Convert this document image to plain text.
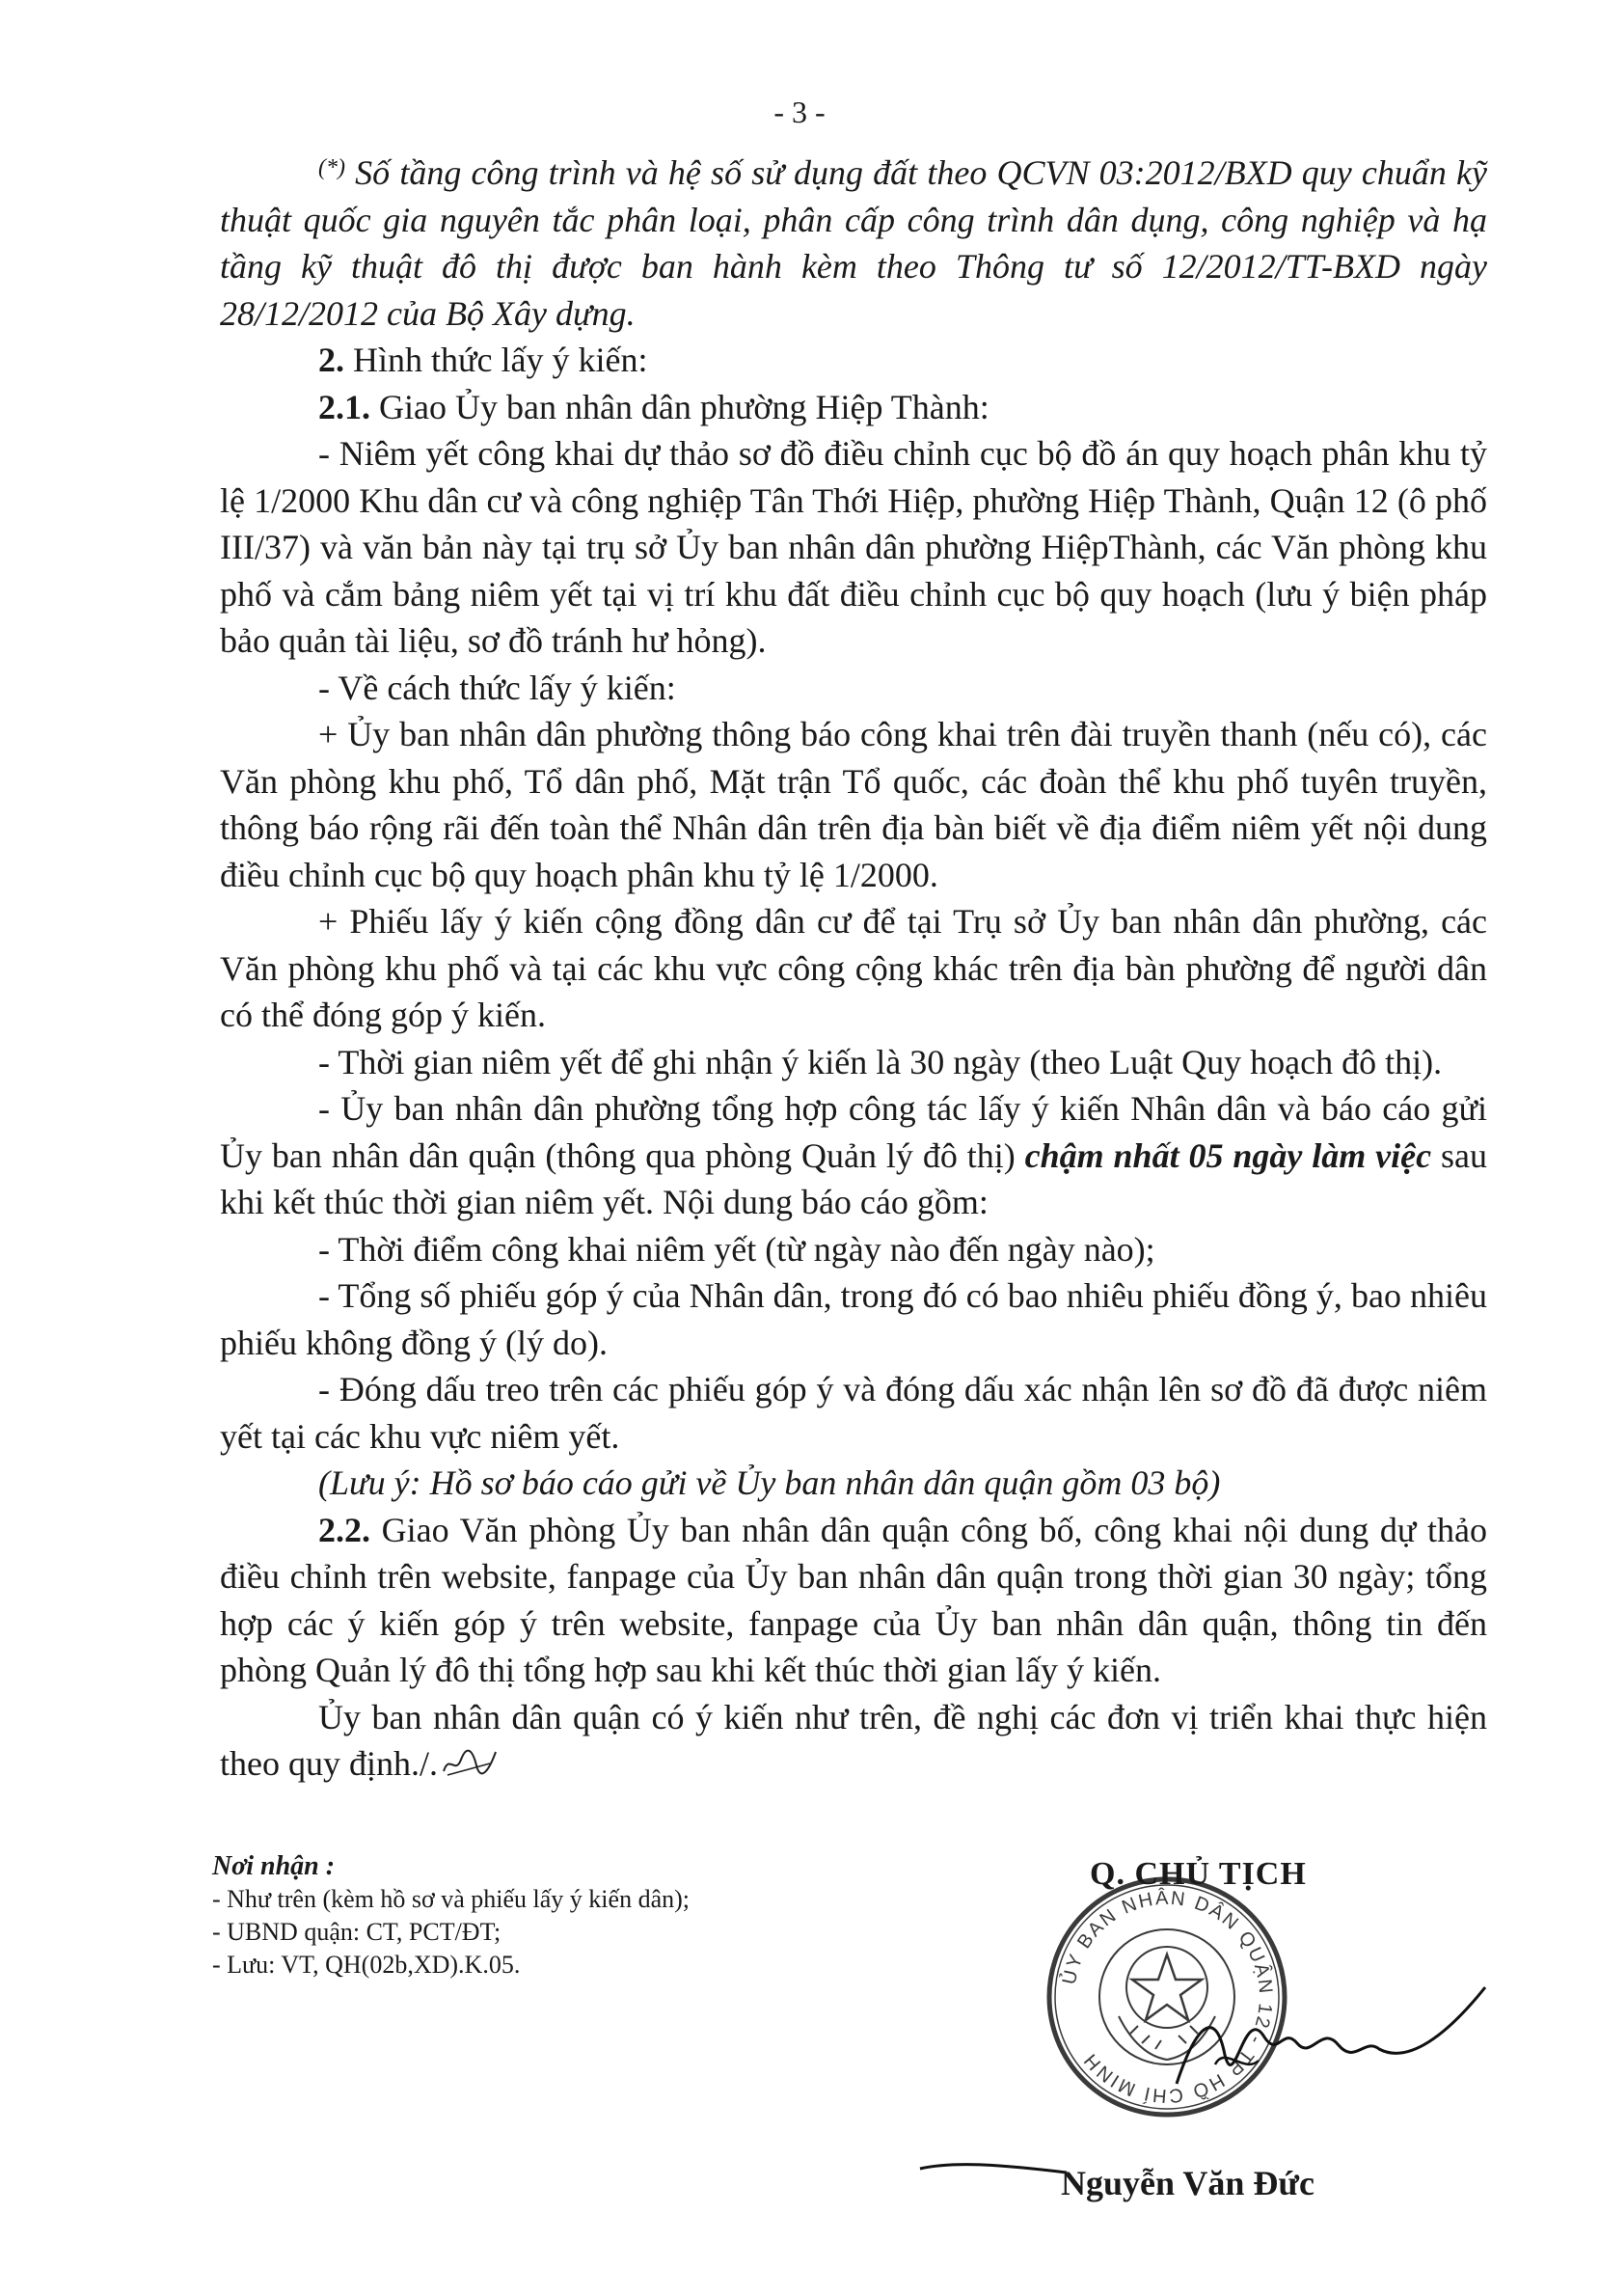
- 3 -

(*) Số tầng công trình và hệ số sử dụng đất theo QCVN 03:2012/BXD quy chuẩn kỹ thuật quốc gia nguyên tắc phân loại, phân cấp công trình dân dụng, công nghiệp và hạ tầng kỹ thuật đô thị được ban hành kèm theo Thông tư số 12/2012/TT-BXD ngày 28/12/2012 của Bộ Xây dựng.

2. Hình thức lấy ý kiến:

2.1. Giao Ủy ban nhân dân phường Hiệp Thành:

- Niêm yết công khai dự thảo sơ đồ điều chỉnh cục bộ đồ án quy hoạch phân khu tỷ lệ 1/2000 Khu dân cư và công nghiệp Tân Thới Hiệp, phường Hiệp Thành, Quận 12 (ô phố III/37) và văn bản này tại trụ sở Ủy ban nhân dân phường HiệpThành, các Văn phòng khu phố và cắm bảng niêm yết tại vị trí khu đất điều chỉnh cục bộ quy hoạch (lưu ý biện pháp bảo quản tài liệu, sơ đồ tránh hư hỏng).

- Về cách thức lấy ý kiến:

+ Ủy ban nhân dân phường thông báo công khai trên đài truyền thanh (nếu có), các Văn phòng khu phố, Tổ dân phố, Mặt trận Tổ quốc, các đoàn thể khu phố tuyên truyền, thông báo rộng rãi đến toàn thể Nhân dân trên địa bàn biết về địa điểm niêm yết nội dung điều chỉnh cục bộ quy hoạch phân khu tỷ lệ 1/2000.

+ Phiếu lấy ý kiến cộng đồng dân cư để tại Trụ sở Ủy ban nhân dân phường, các Văn phòng khu phố và tại các khu vực công cộng khác trên địa bàn phường để người dân có thể đóng góp ý kiến.

- Thời gian niêm yết để ghi nhận ý kiến là 30 ngày (theo Luật Quy hoạch đô thị).

- Ủy ban nhân dân phường tổng hợp công tác lấy ý kiến Nhân dân và báo cáo gửi Ủy ban nhân dân quận (thông qua phòng Quản lý đô thị) chậm nhất 05 ngày làm việc sau khi kết thúc thời gian niêm yết. Nội dung báo cáo gồm:

- Thời điểm công khai niêm yết (từ ngày nào đến ngày nào);

- Tổng số phiếu góp ý của Nhân dân, trong đó có bao nhiêu phiếu đồng ý, bao nhiêu phiếu không đồng ý (lý do).

- Đóng dấu treo trên các phiếu góp ý và đóng dấu xác nhận lên sơ đồ đã được niêm yết tại các khu vực niêm yết.

(Lưu ý: Hồ sơ báo cáo gửi về Ủy ban nhân dân quận gồm 03 bộ)

2.2. Giao Văn phòng Ủy ban nhân dân quận công bố, công khai nội dung dự thảo điều chỉnh trên website, fanpage của Ủy ban nhân dân quận trong thời gian 30 ngày; tổng hợp các ý kiến góp ý trên website, fanpage của Ủy ban nhân dân quận, thông tin đến phòng Quản lý đô thị tổng hợp sau khi kết thúc thời gian lấy ý kiến.

Ủy ban nhân dân quận có ý kiến như trên, đề nghị các đơn vị triển khai thực hiện theo quy định./.

Nơi nhận :
- Như trên (kèm hồ sơ và phiếu lấy ý kiến dân);
- UBND quận: CT, PCT/ĐT;
- Lưu: VT, QH(02b,XD).K.05.	ỦY BAN NHÂN DÂN QUẬN 12 - TP HỒ CHÍ MINH
Q. CHỦ TỊCH
Nguyễn Văn Đức
